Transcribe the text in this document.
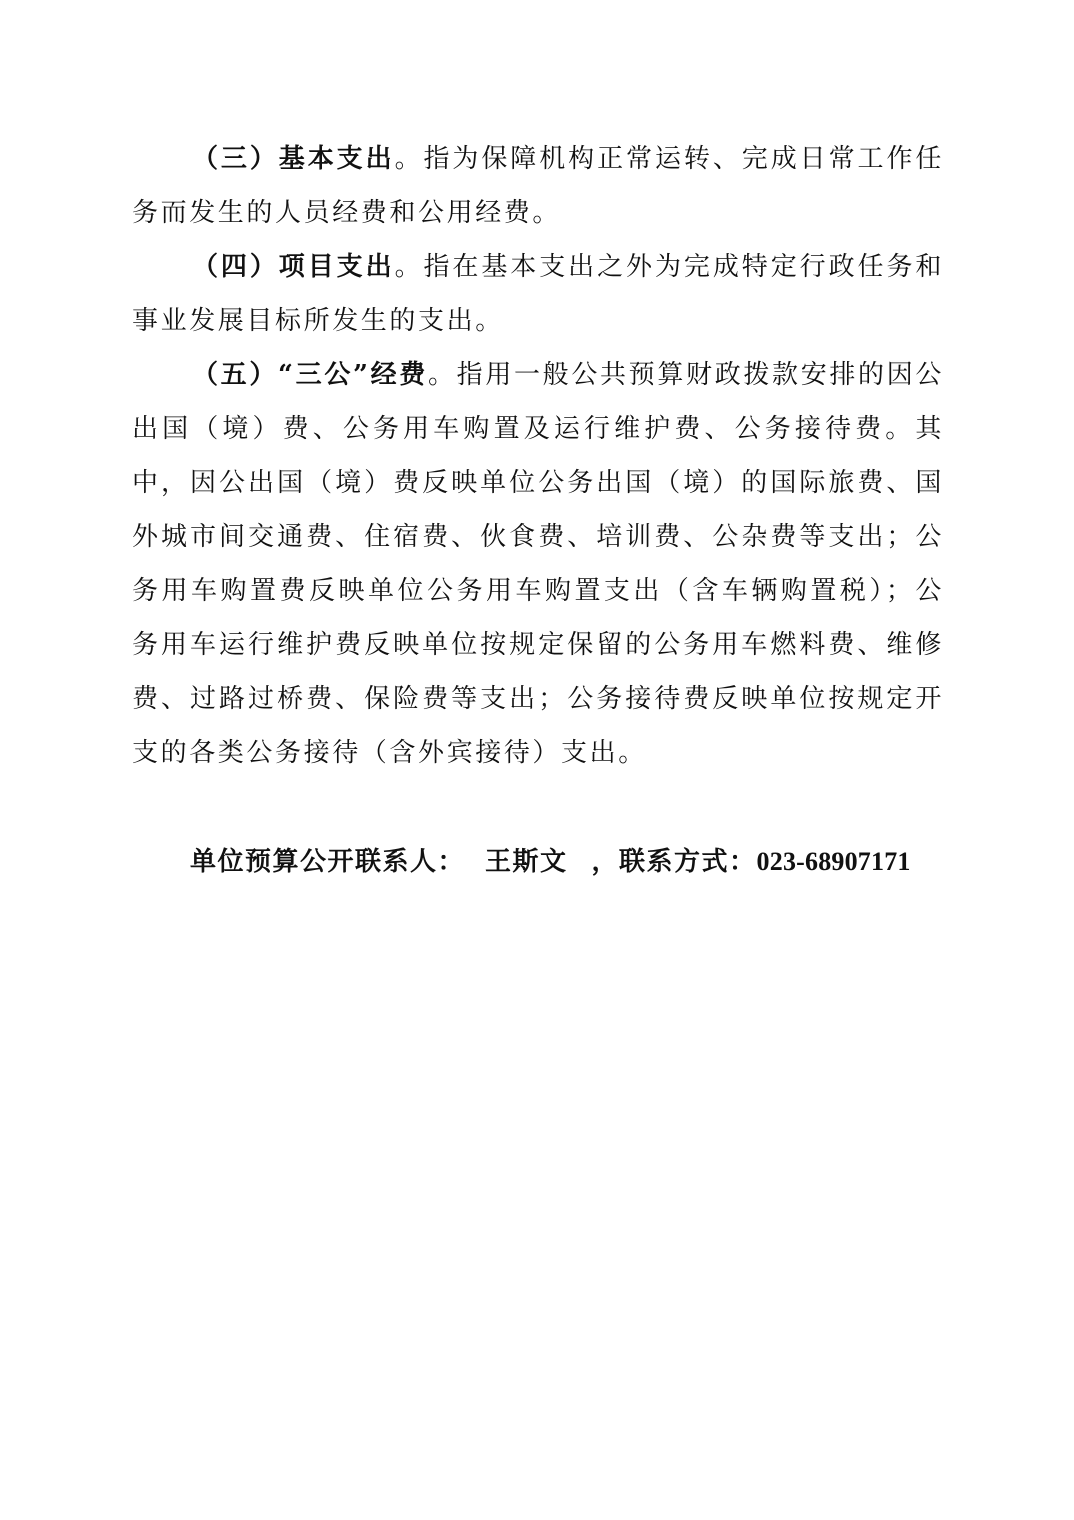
（三）基本支出。指为保障机构正常运转、完成日常工作任务而发生的人员经费和公用经费。

（四）项目支出。指在基本支出之外为完成特定行政任务和事业发展目标所发生的支出。

（五）“三公”经费。指用一般公共预算财政拨款安排的因公出国（境）费、公务用车购置及运行维护费、公务接待费。其中，因公出国（境）费反映单位公务出国（境）的国际旅费、国外城市间交通费、住宿费、伙食费、培训费、公杂费等支出；公务用车购置费反映单位公务用车购置支出（含车辆购置税）；公务用车运行维护费反映单位按规定保留的公务用车燃料费、维修费、过路过桥费、保险费等支出；公务接待费反映单位按规定开支的各类公务接待（含外宾接待）支出。

单位预算公开联系人： 王斯文 ，联系方式：023-68907171
